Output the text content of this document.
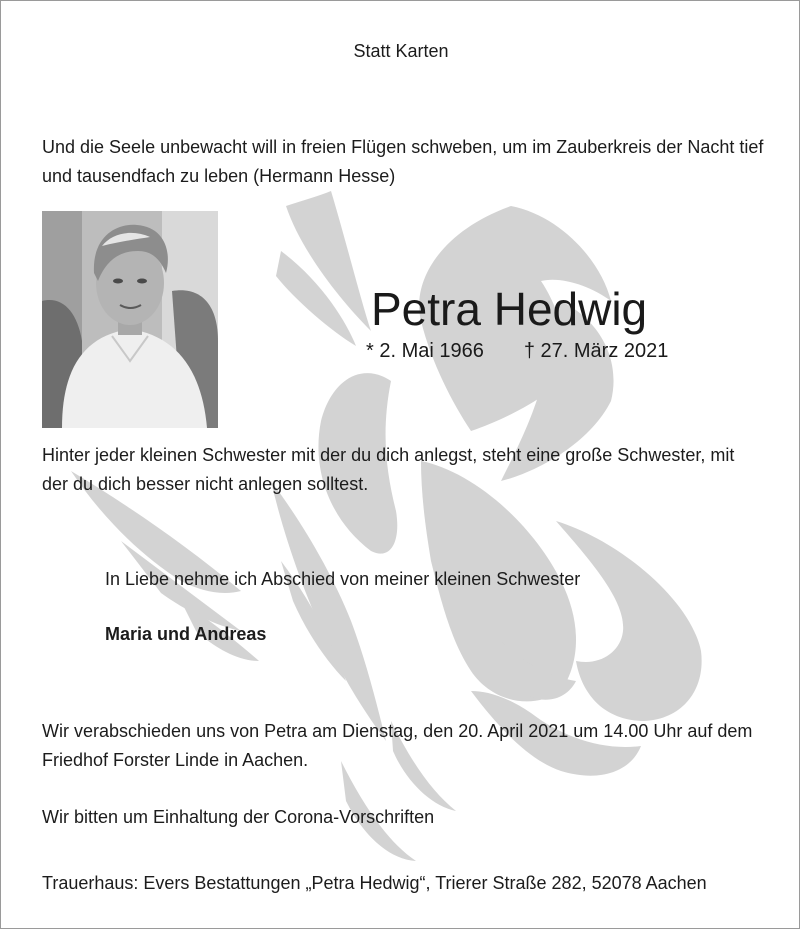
Statt Karten
Und die Seele unbewacht will in freien Flügen schweben, um im Zauberkreis der Nacht tief und tausendfach zu leben (Hermann Hesse)
Petra Hedwig
* 2. Mai 1966 † 27. März 2021
Hinter jeder kleinen Schwester mit der du dich anlegst, steht eine große Schwester, mit der du dich besser nicht anlegen solltest.
In Liebe nehme ich Abschied von meiner kleinen Schwester
Maria und Andreas
Wir verabschieden uns von Petra am Dienstag, den 20. April 2021 um 14.00 Uhr auf dem Friedhof Forster Linde in Aachen.
Wir bitten um Einhaltung der Corona-Vorschriften
Trauerhaus: Evers Bestattungen „Petra Hedwig“, Trierer Straße 282, 52078 Aachen
